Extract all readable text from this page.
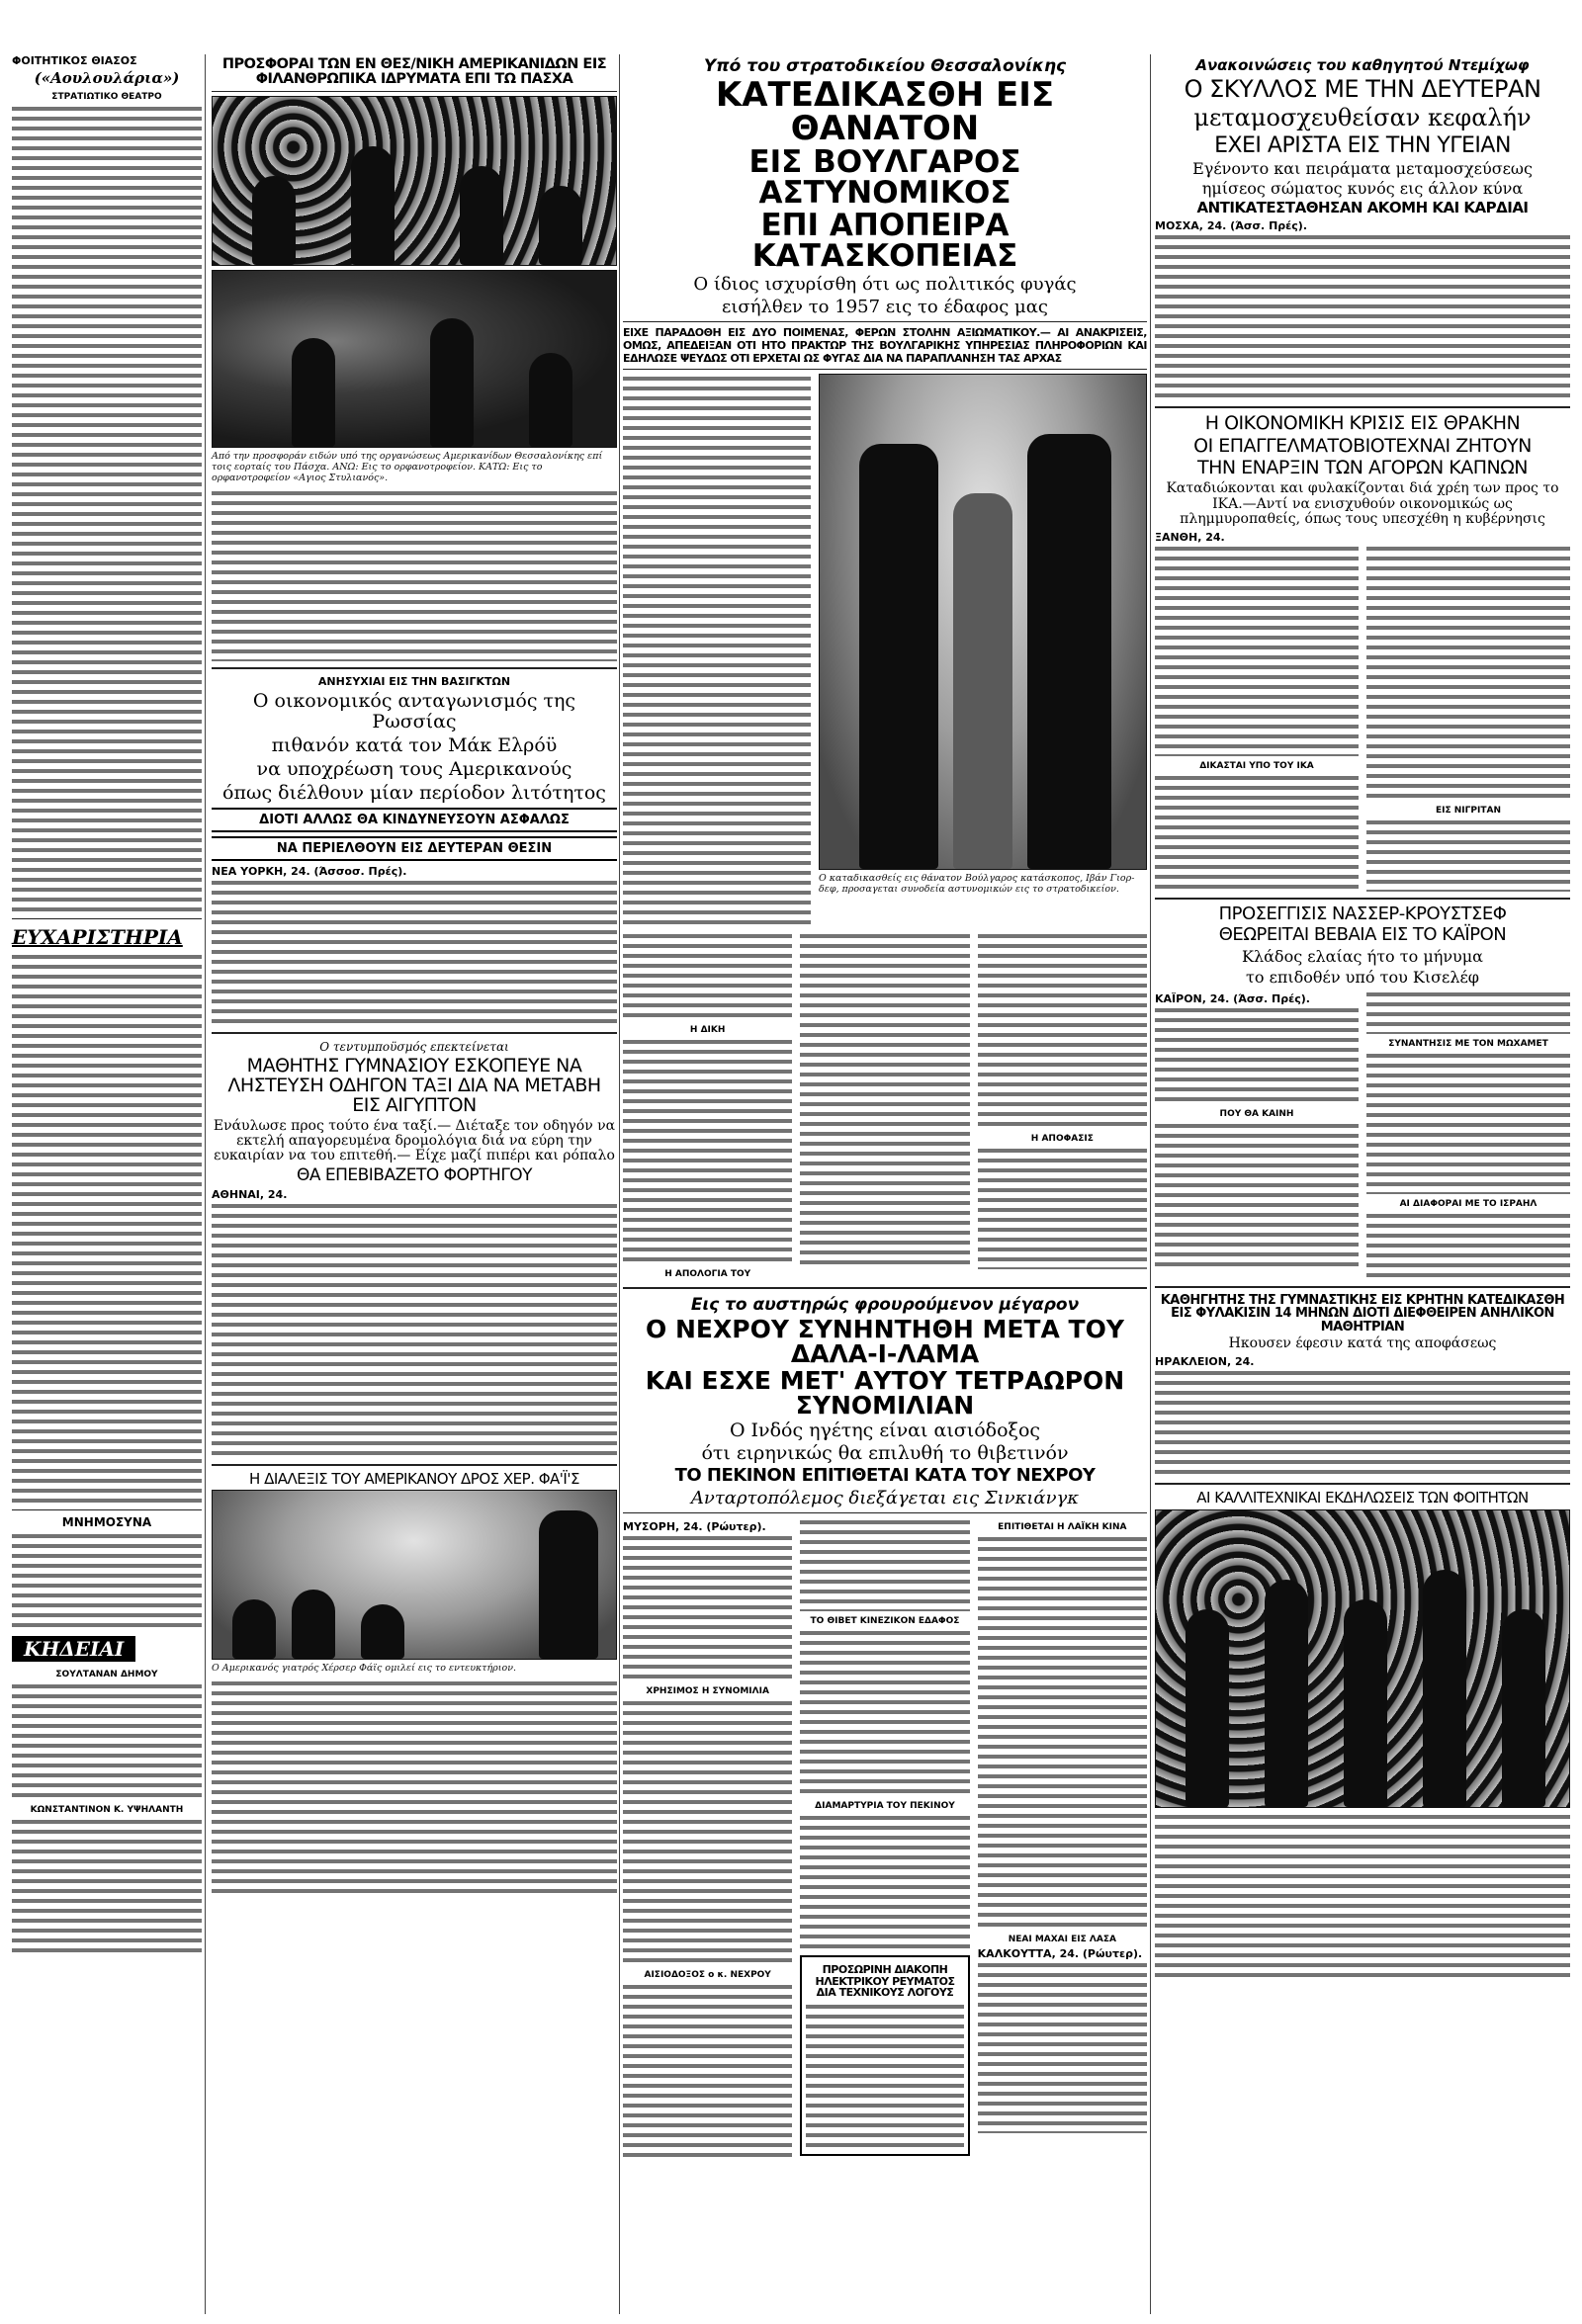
ΦΟΙΤΗΤΙΚΟΣ ΘΙΑΣΟΣ
(«Αουλουλάρια»)
ΣΤΡΑΤΙΩΤΙΚΟ ΘΕΑΤΡΟ
ΕΥΧΑΡΙΣΤΗΡΙΑ
ΜΝΗΜΟΣΥΝΑ
ΚΗΔΕΙΑΙ
ΣΟΥΛΤΑΝΑΝ ΔΗΜΟΥ
ΚΩΝΣΤΑΝΤΙΝΟΝ Κ. ΥΨΗΛΑΝΤΗ
ΠΡΟΣΦΟΡΑΙ ΤΩΝ ΕΝ ΘΕΣ/ΝΙΚΗ ΑΜΕΡΙΚΑΝΙΔΩΝ ΕΙΣ ΦΙΛΑΝΘΡΩΠΙΚΑ ΙΔΡΥΜΑΤΑ ΕΠΙ ΤΩ ΠΑΣΧΑ
Από την προσφοράν ειδών υπό της οργανώσεως Αμερικανίδων Θεσσαλονίκης επί τοις εορταίς του Πάσχα. ΑΝΩ: Εις το ορφανοτροφείον. ΚΑΤΩ: Εις το ορφανοτροφείον «Αγιος Στυλιανός».
ΑΝΗΣΥΧΙΑΙ ΕΙΣ ΤΗΝ ΒΑΣΙΓΚΤΩΝ
Ο οικονομικός ανταγωνισμός της Ρωσσίας
πιθανόν κατά τον Μάκ Ελρόϋ
να υποχρέωση τους Αμερικανούς
όπως διέλθουν μίαν περίοδον λιτότητος
ΔΙΟΤΙ ΑΛΛΩΣ ΘΑ ΚΙΝΔΥΝΕΥΣΟΥΝ ΑΣΦΑΛΩΣ
ΝΑ ΠΕΡΙΕΛΘΟΥΝ ΕΙΣ ΔΕΥΤΕΡΑΝ ΘΕΣΙΝ
ΝΕΑ ΥΟΡΚΗ, 24. (Άσσοσ. Πρές).
Ο τεντυμποϋσμός επεκτείνεται
ΜΑΘΗΤΗΣ ΓΥΜΝΑΣΙΟΥ ΕΣΚΟΠΕΥΕ ΝΑ ΛΗΣΤΕΥΣΗ ΟΔΗΓΟΝ ΤΑΞΙ ΔΙΑ ΝΑ ΜΕΤΑΒΗ ΕΙΣ ΑΙΓΥΠΤΟΝ
Ενάυλωσε προς τούτο ένα ταξί.— Διέταξε τον οδηγόν να εκτελή απαγορευμένα δρομολόγια διά να εύρη την ευκαιρίαν να του επιτεθή.— Είχε μαζί πιπέρι και ρόπαλο
ΘΑ ΕΠΕΒΙΒΑΖΕΤΟ ΦΟΡΤΗΓΟΥ
ΑΘΗΝΑΙ, 24.
Η ΔΙΑΛΕΞΙΣ ΤΟΥ ΑΜΕΡΙΚΑΝΟΥ ΔΡΟΣ ΧΕΡ. ΦΑ'Ϊ'Σ
Ο Αμερικανός γιατρός Χέρσερ Φάϊς ομιλεί εις το εντευκτήριον.
Υπό του στρατοδικείου Θεσσαλονίκης
ΚΑΤΕΔΙΚΑΣΘΗ ΕΙΣ ΘΑΝΑΤΟΝ
ΕΙΣ ΒΟΥΛΓΑΡΟΣ ΑΣΤΥΝΟΜΙΚΟΣ
ΕΠΙ ΑΠΟΠΕΙΡΑ ΚΑΤΑΣΚΟΠΕΙΑΣ
Ο ίδιος ισχυρίσθη ότι ως πολιτικός φυγάς
εισήλθεν το 1957 εις το έδαφος μας
ΕΙΧΕ ΠΑΡΑΔΟΘΗ ΕΙΣ ΔΥΟ ΠΟΙΜΕΝΑΣ, ΦΕΡΩΝ ΣΤΟΛΗΝ ΑΞΙΩΜΑΤΙΚΟΥ.— ΑΙ ΑΝΑΚΡΙΣΕΙΣ, ΟΜΩΣ, ΑΠΕΔΕΙΞΑΝ ΟΤΙ ΗΤΟ ΠΡΑΚΤΩΡ ΤΗΣ ΒΟΥΛΓΑΡΙΚΗΣ ΥΠΗΡΕΣΙΑΣ ΠΛΗΡΟΦΟΡΙΩΝ ΚΑΙ ΕΔΗΛΩΣΕ ΨΕΥΔΩΣ ΟΤΙ ΕΡΧΕΤΑΙ ΩΣ ΦΥΓΑΣ ΔΙΑ ΝΑ ΠΑΡΑΠΛΑΝΗΣΗ ΤΑΣ ΑΡΧΑΣ
Ο καταδικασθείς εις θάνατον Βούλγαρος κατάσκοπος, Ιβάν Γιορ-δεφ, προσαγεται συνοδεία αστυνομικών εις το στρατοδικείον.
Η ΔΙΚΗ
Η ΑΠΟΛΟΓΙΑ ΤΟΥ
Η ΑΠΟΦΑΣΙΣ
Εις το αυστηρώς φρουρούμενον μέγαρον
Ο ΝΕΧΡΟΥ ΣΥΝΗΝΤΗΘΗ ΜΕΤΑ ΤΟΥ ΔΑΛΑ-Ι-ΛΑΜΑ
ΚΑΙ ΕΣΧΕ ΜΕΤ' ΑΥΤΟΥ ΤΕΤΡΑΩΡΟΝ ΣΥΝΟΜΙΛΙΑΝ
Ο Ινδός ηγέτης είναι αισιόδοξος
ότι ειρηνικώς θα επιλυθή το θιβετινόν
ΤΟ ΠΕΚΙΝΟΝ ΕΠΙΤΙΘΕΤΑΙ ΚΑΤΑ ΤΟΥ ΝΕΧΡΟΥ
Ανταρτοπόλεμος διεξάγεται εις Σινκιάνγκ
ΜΥΣΟΡΗ, 24. (Ρώυτερ).
ΧΡΗΣΙΜΟΣ Η ΣΥΝΟΜΙΛΙΑ
ΑΙΣΙΟΔΟΞΟΣ ο κ. ΝΕΧΡΟΥ
ΤΟ ΘΙΒΕΤ ΚΙΝΕΖΙΚΟΝ ΕΔΑΦΟΣ
ΔΙΑΜΑΡΤΥΡΙΑ ΤΟΥ ΠΕΚΙΝΟΥ
ΠΡΟΣΩΡΙΝΗ ΔΙΑΚΟΠΗ ΗΛΕΚΤΡΙΚΟΥ ΡΕΥΜΑΤΟΣ ΔΙΑ ΤΕΧΝΙΚΟΥΣ ΛΟΓΟΥΣ
ΕΠΙΤΙΘΕΤΑΙ Η ΛΑΪΚΗ ΚΙΝΑ
ΝΕΑΙ ΜΑΧΑΙ ΕΙΣ ΛΑΣΑ
ΚΑΛΚΟΥΤΤΑ, 24. (Ρώυτερ).
Ανακοινώσεις του καθηγητού Ντεμίχωφ
Ο ΣΚΥΛΛΟΣ ΜΕ ΤΗΝ ΔΕΥΤΕΡΑΝ
μεταμοσχευθείσαν κεφαλήν
ΕΧΕΙ ΑΡΙΣΤΑ ΕΙΣ ΤΗΝ ΥΓΕΙΑΝ
Εγένοντο και πειράματα μεταμοσχεύσεως
ημίσεος σώματος κυνός εις άλλον κύνα
ΑΝΤΙΚΑΤΕΣΤΑΘΗΣΑΝ ΑΚΟΜΗ ΚΑΙ ΚΑΡΔΙΑΙ
ΜΟΣΧΑ, 24. (Άσσ. Πρές).
Η ΟΙΚΟΝΟΜΙΚΗ ΚΡΙΣΙΣ ΕΙΣ ΘΡΑΚΗΝ
ΟΙ ΕΠΑΓΓΕΛΜΑΤΟΒΙΟΤΕΧΝΑΙ ΖΗΤΟΥΝ
ΤΗΝ ΕΝΑΡΞΙΝ ΤΩΝ ΑΓΟΡΩΝ ΚΑΠΝΩΝ
Καταδιώκονται και φυλακίζονται διά χρέη των προς το ΙΚΑ.—Αντί να ενισχυθούν οικονομικώς ως πλημμυροπαθείς, όπως τους υπεσχέθη η κυβέρνησις
ΞΑΝΘΗ, 24.
ΔΙΚΑΣΤΑΙ ΥΠΟ ΤΟΥ ΙΚΑ
ΕΙΣ ΝΙΓΡΙΤΑΝ
ΠΡΟΣΕΓΓΙΣΙΣ ΝΑΣΣΕΡ-ΚΡΟΥΣΤΣΕΦ
ΘΕΩΡΕΙΤΑΙ ΒΕΒΑΙΑ ΕΙΣ ΤΟ ΚΑΪΡΟΝ
Κλάδος ελαίας ήτο το μήνυμα
το επιδοθέν υπό του Κισελέφ
ΚΑΪΡΟΝ, 24. (Άσσ. Πρές).
ΠΟΥ ΘΑ ΚΑΙΝΗ
ΣΥΝΑΝΤΗΣΙΣ ΜΕ ΤΟΝ ΜΩΧΑΜΕΤ
ΑΙ ΔΙΑΦΟΡΑΙ ΜΕ ΤΟ ΙΣΡΑΗΛ
ΚΑΘΗΓΗΤΗΣ ΤΗΣ ΓΥΜΝΑΣΤΙΚΗΣ ΕΙΣ ΚΡΗΤΗΝ ΚΑΤΕΔΙΚΑΣΘΗ ΕΙΣ ΦΥΛΑΚΙΣΙΝ 14 ΜΗΝΩΝ ΔΙΟΤΙ ΔΙΕΦΘΕΙΡΕΝ ΑΝΗΛΙΚΟΝ ΜΑΘΗΤΡΙΑΝ
Ηκουσεν έφεσιν κατά της αποφάσεως
ΗΡΑΚΛΕΙΟΝ, 24.
ΑΙ ΚΑΛΛΙΤΕΧΝΙΚΑΙ ΕΚΔΗΛΩΣΕΙΣ ΤΩΝ ΦΟΙΤΗΤΩΝ
